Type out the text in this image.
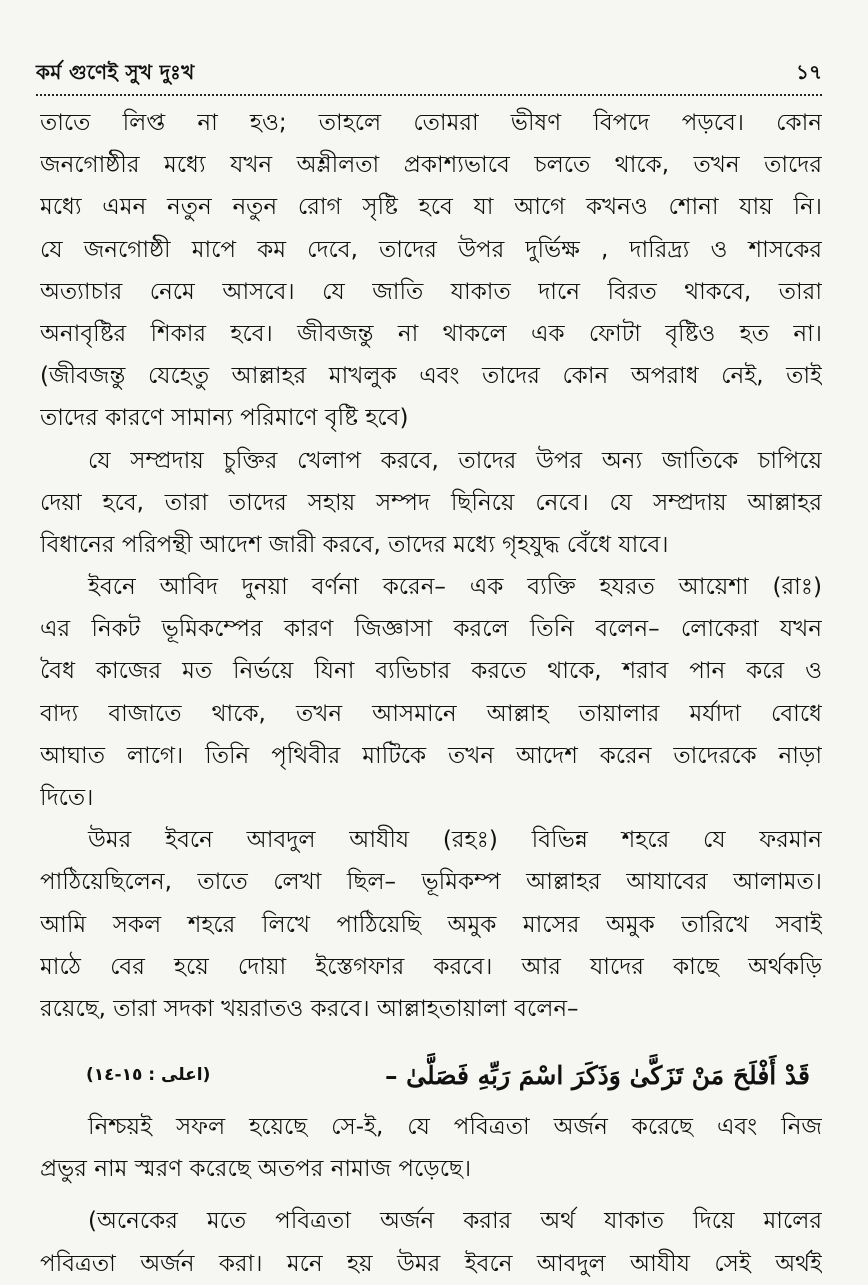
কর্ম গুণেই সুখ দুঃখ	১৭
তাতে লিপ্ত না হও; তাহলে তোমরা ভীষণ বিপদে পড়বে। কোন
জনগোষ্ঠীর মধ্যে যখন অশ্লীলতা প্রকাশ্যভাবে চলতে থাকে, তখন তাদের
মধ্যে এমন নতুন নতুন রোগ সৃষ্টি হবে যা আগে কখনও শোনা যায় নি।
যে জনগোষ্ঠী মাপে কম দেবে, তাদের উপর দুর্ভিক্ষ , দারিদ্র্য ও শাসকের
অত্যাচার নেমে আসবে। যে জাতি যাকাত দানে বিরত থাকবে, তারা
অনাবৃষ্টির শিকার হবে। জীবজন্তু না থাকলে এক ফোটা বৃষ্টিও হত না।
(জীবজন্তু যেহেতু আল্লাহর মাখলুক এবং তাদের কোন অপরাধ নেই, তাই
তাদের কারণে সামান্য পরিমাণে বৃষ্টি হবে)
যে সম্প্রদায় চুক্তির খেলাপ করবে, তাদের উপর অন্য জাতিকে চাপিয়ে
দেয়া হবে, তারা তাদের সহায় সম্পদ ছিনিয়ে নেবে। যে সম্প্রদায় আল্লাহর
বিধানের পরিপন্থী আদেশ জারী করবে, তাদের মধ্যে গৃহযুদ্ধ বেঁধে যাবে।
ইবনে আবিদ দুনয়া বর্ণনা করেন– এক ব্যক্তি হযরত আয়েশা (রাঃ)
এর নিকট ভূমিকম্পের কারণ জিজ্ঞাসা করলে তিনি বলেন– লোকেরা যখন
বৈধ কাজের মত নির্ভয়ে যিনা ব্যভিচার করতে থাকে, শরাব পান করে ও
বাদ্য বাজাতে থাকে, তখন আসমানে আল্লাহ তায়ালার মর্যাদা বোধে
আঘাত লাগে। তিনি পৃথিবীর মাটিকে তখন আদেশ করেন তাদেরকে নাড়া
দিতে।
উমর ইবনে আবদুল আযীয (রহঃ) বিভিন্ন শহরে যে ফরমান
পাঠিয়েছিলেন, তাতে লেখা ছিল– ভূমিকম্প আল্লাহর আযাবের আলামত।
আমি সকল শহরে লিখে পাঠিয়েছি অমুক মাসের অমুক তারিখে সবাই
মাঠে বের হয়ে দোয়া ইস্তেগফার করবে। আর যাদের কাছে অর্থকড়ি
রয়েছে, তারা সদকা খয়রাতও করবে। আল্লাহতায়ালা বলেন–
(اعلى : ١٥-١٤)	قَدْ أَفْلَحَ مَنْ تَزَكَّىٰ وَذَكَرَ اسْمَ رَبِّهِ فَصَلَّىٰ –
নিশ্চয়ই সফল হয়েছে সে-ই, যে পবিত্রতা অর্জন করেছে এবং নিজ
প্রভুর নাম স্মরণ করেছে অতপর নামাজ পড়েছে।
(অনেকের মতে পবিত্রতা অর্জন করার অর্থ যাকাত দিয়ে মালের
পবিত্রতা অর্জন করা। মনে হয় উমর ইবনে আবদুল আযীয সেই অর্থই
